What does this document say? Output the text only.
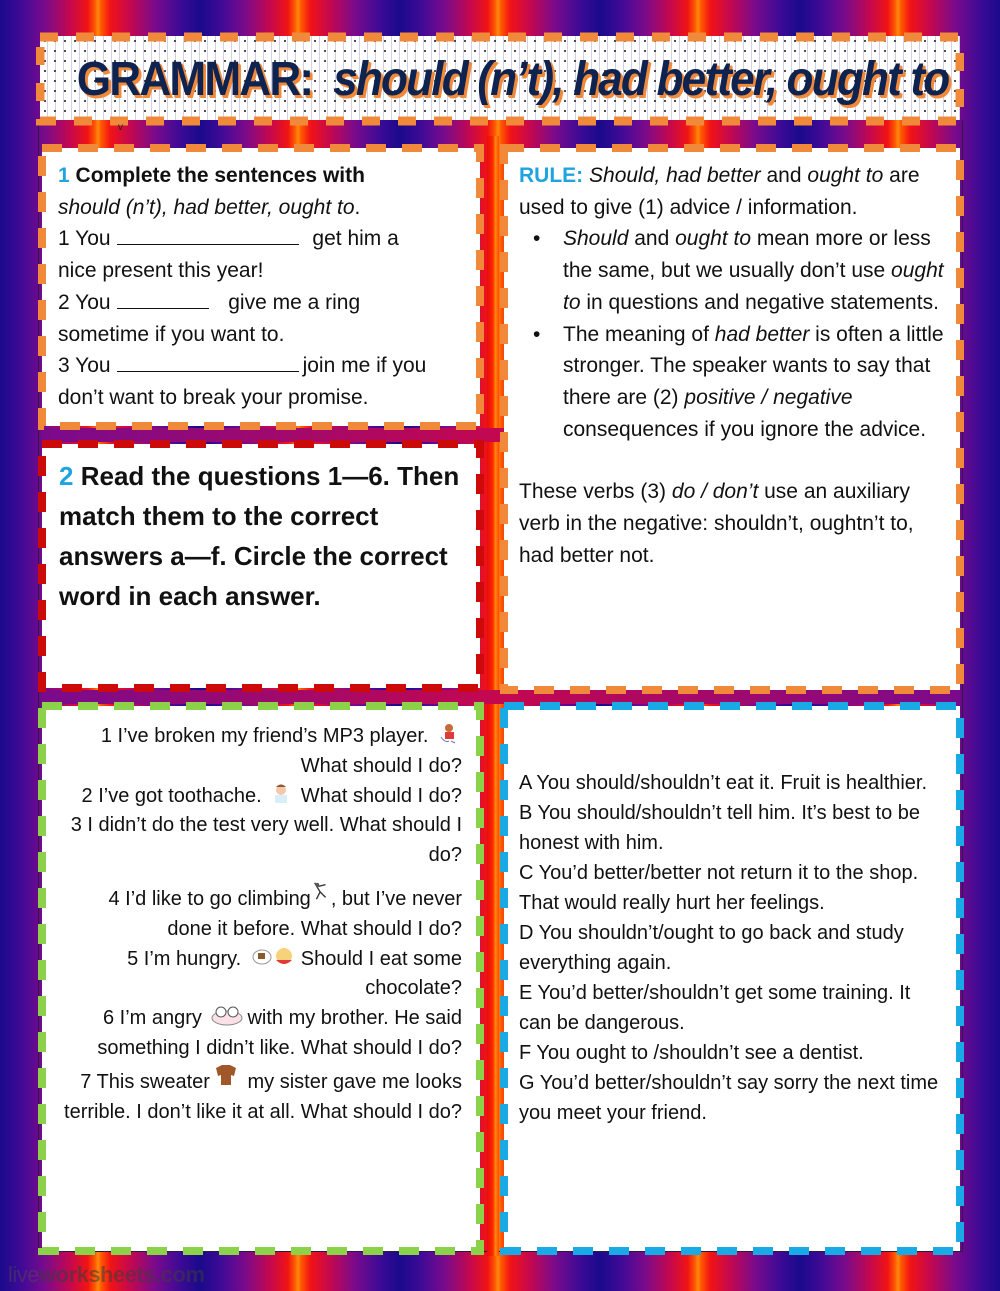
GRAMMAR: should (n’t), had better, ought to
v
1 Complete the sentences with
should (n’t), had better, ought to.
1 You	get him a
nice present this year!
2 You	give me a ring
sometime if you want to.
3 You	join me if you
don’t want to break your promise.
2 Read the questions 1—6. Then match them to the correct answers a—f. Circle the correct word in each answer.
RULE: Should, had better and ought to are used to give (1) advice / information.
• Should and ought to mean more or less the same, but we usually don’t use ought to in questions and negative statements.
• The meaning of had better is often a little stronger. The speaker wants to say that there are (2) positive / negative consequences if you ignore the advice.
These verbs (3) do / don’t use an auxiliary verb in the negative: shouldn’t, oughtn’t to, had better not.

1 I’ve broken my friend’s MP3 player.
What should I do?

2 I’ve got toothache.  What should I do?

3 I didn’t do the test very well. What should I do?

4 I’d like to go climbing , but I’ve never done it before. What should I do?

5 I’m hungry.	Should I eat some chocolate?

6 I’m angry with my brother. He said something I didn’t like. What should I do?

7 This sweater my sister gave me looks terrible. I don’t like it at all. What should I do?

A You should/shouldn’t eat it. Fruit is healthier.
B You should/shouldn’t tell him. It’s best to be honest with him.
C You’d better/better not return it to the shop. That would really hurt her feelings.
D You shouldn’t/ought to go back and study everything again.
E You’d better/shouldn’t get some training. It can be dangerous.
F You ought to /shouldn’t see a dentist.
G You’d better/shouldn’t say sorry the next time you meet your friend.
liveworksheets.com
